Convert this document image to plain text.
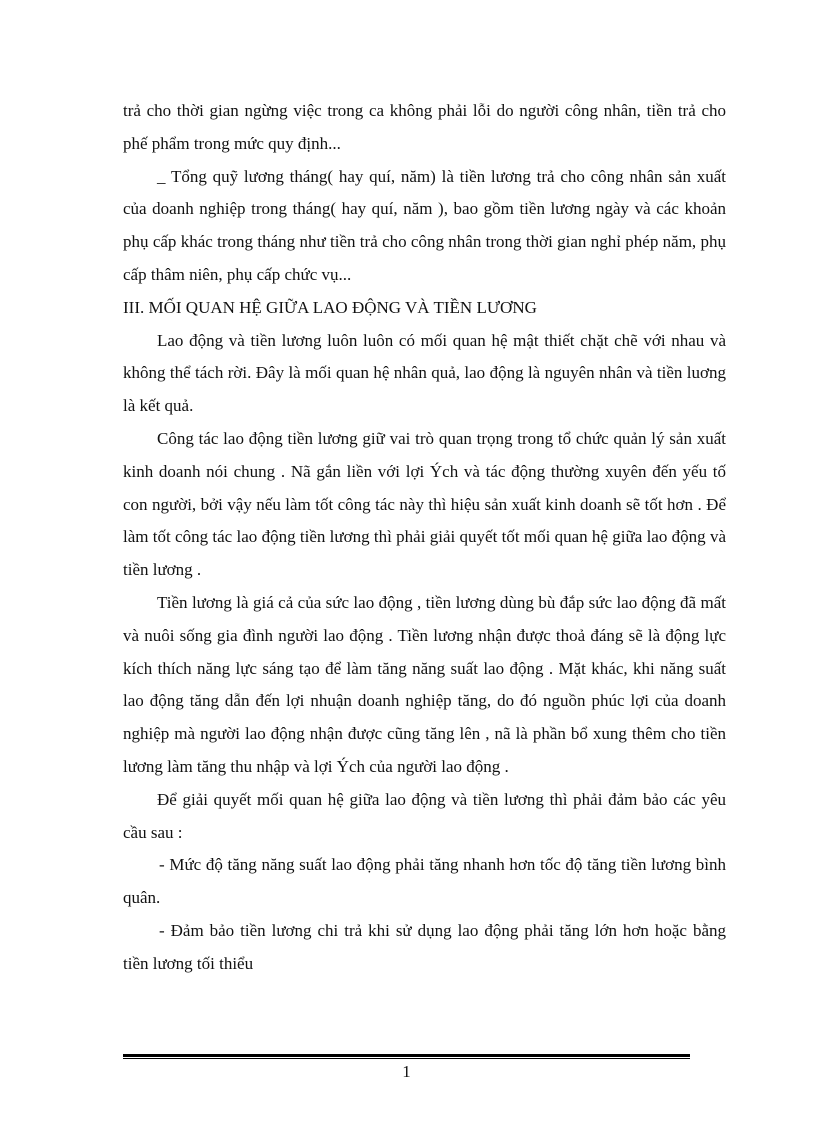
trả cho thời gian ngừng việc trong ca không phải lỗi do người công nhân, tiền trả cho phế phẩm trong mức quy định...

_ Tổng quỹ lương tháng( hay quí, năm) là tiền lương trả cho công nhân sản xuất của doanh nghiệp trong tháng( hay quí, năm ), bao gồm tiền lương ngày và các khoản phụ cấp khác trong tháng như tiền trả cho công nhân trong thời gian nghỉ phép năm, phụ cấp thâm niên, phụ cấp chức vụ...

III. MỐI QUAN HỆ GIỮA LAO ĐỘNG VÀ TIỀN LƯƠNG

Lao động và tiền lương luôn luôn có mối quan hệ mật thiết chặt chẽ với nhau và không thể tách rời. Đây là mối quan hệ nhân quả, lao động là nguyên nhân và tiền luơng là kết quả.

Công tác lao động tiền lương giữ vai trò quan trọng trong tổ chức quản lý sản xuất kinh doanh nói chung . Nã gắn liền với lợi Ých và tác động thường xuyên đến yếu tố con người, bởi vậy nếu làm tốt công tác này thì hiệu sản xuất kinh doanh sẽ tốt hơn . Để làm tốt công tác lao động tiền lương thì phải giải quyết tốt mối quan hệ giữa lao động và tiền lương .

Tiền lương là giá cả của sức lao động , tiền lương dùng bù đắp sức lao động đã mất và nuôi sống gia đình người lao động . Tiền lương nhận được thoả đáng sẽ là động lực kích thích năng lực sáng tạo để làm tăng năng suất lao động . Mặt khác, khi năng suất lao động tăng dẫn đến lợi nhuận doanh nghiệp tăng, do đó nguồn phúc lợi của doanh nghiệp mà người lao động nhận được cũng tăng lên , nã là phần bổ xung thêm cho tiền lương làm tăng thu nhập và lợi Ých của người lao động .

Để giải quyết mối quan hệ giữa lao động và tiền lương thì phải đảm bảo các yêu cầu sau :

- Mức độ tăng năng suất lao động phải tăng nhanh hơn tốc độ tăng tiền lương bình quân.

- Đảm bảo tiền lương chi trả khi sử dụng lao động phải tăng lớn hơn hoặc bằng tiền lương tối thiểu

1
